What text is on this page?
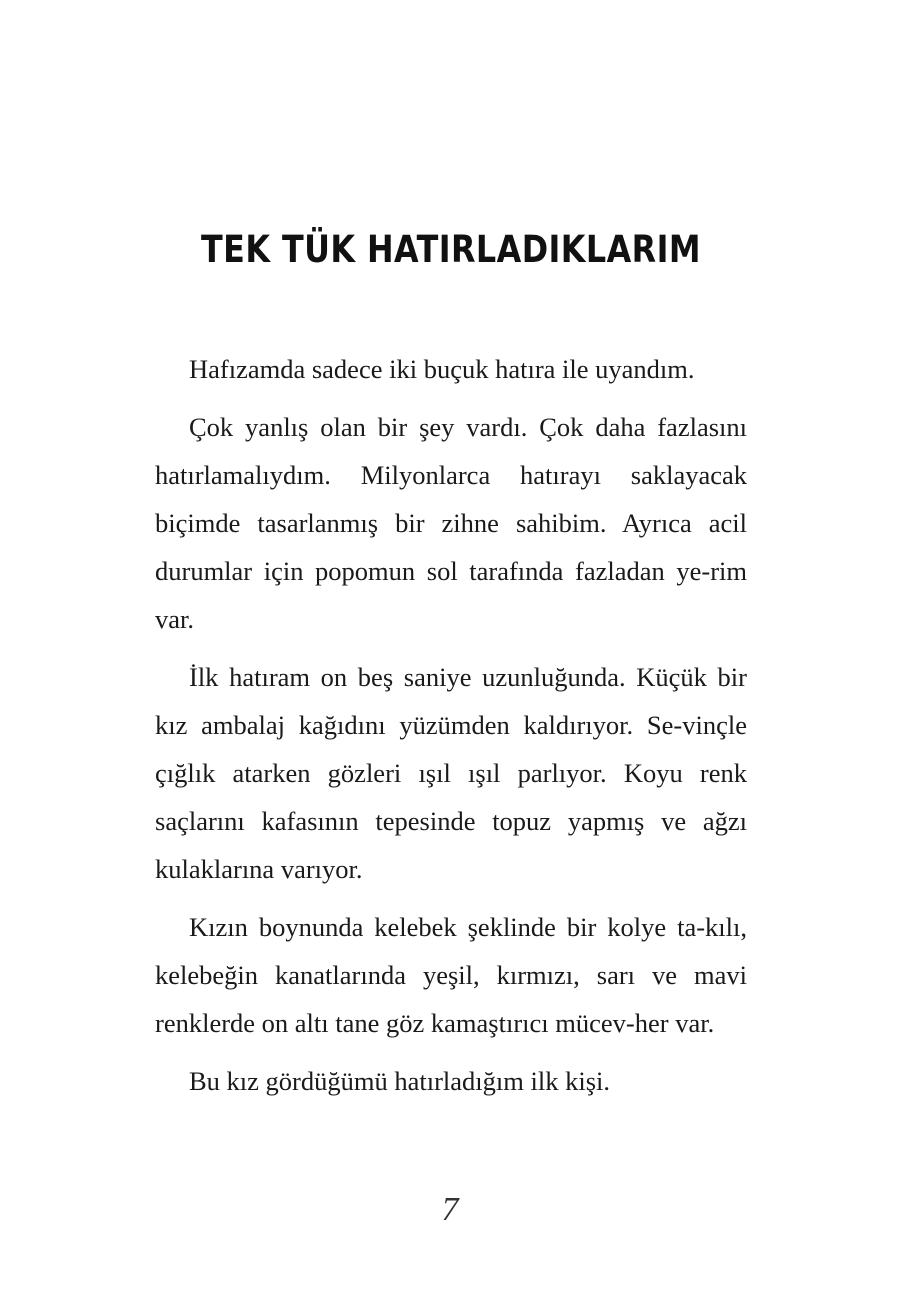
TEK TÜK HATIRLADIKLARIM

Hafızamda sadece iki buçuk hatıra ile uyandım.

Çok yanlış olan bir şey vardı. Çok daha fazlasını hatırlamalıydım. Milyonlarca hatırayı saklayacak biçimde tasarlanmış bir zihne sahibim. Ayrıca acil durumlar için popomun sol tarafında fazladan ye-rim var.

İlk hatıram on beş saniye uzunluğunda. Küçük bir kız ambalaj kağıdını yüzümden kaldırıyor. Se-vinçle çığlık atarken gözleri ışıl ışıl parlıyor. Koyu renk saçlarını kafasının tepesinde topuz yapmış ve ağzı kulaklarına varıyor.

Kızın boynunda kelebek şeklinde bir kolye ta-kılı, kelebeğin kanatlarında yeşil, kırmızı, sarı ve mavi renklerde on altı tane göz kamaştırıcı mücev-her var.

Bu kız gördüğümü hatırladığım ilk kişi.

7
